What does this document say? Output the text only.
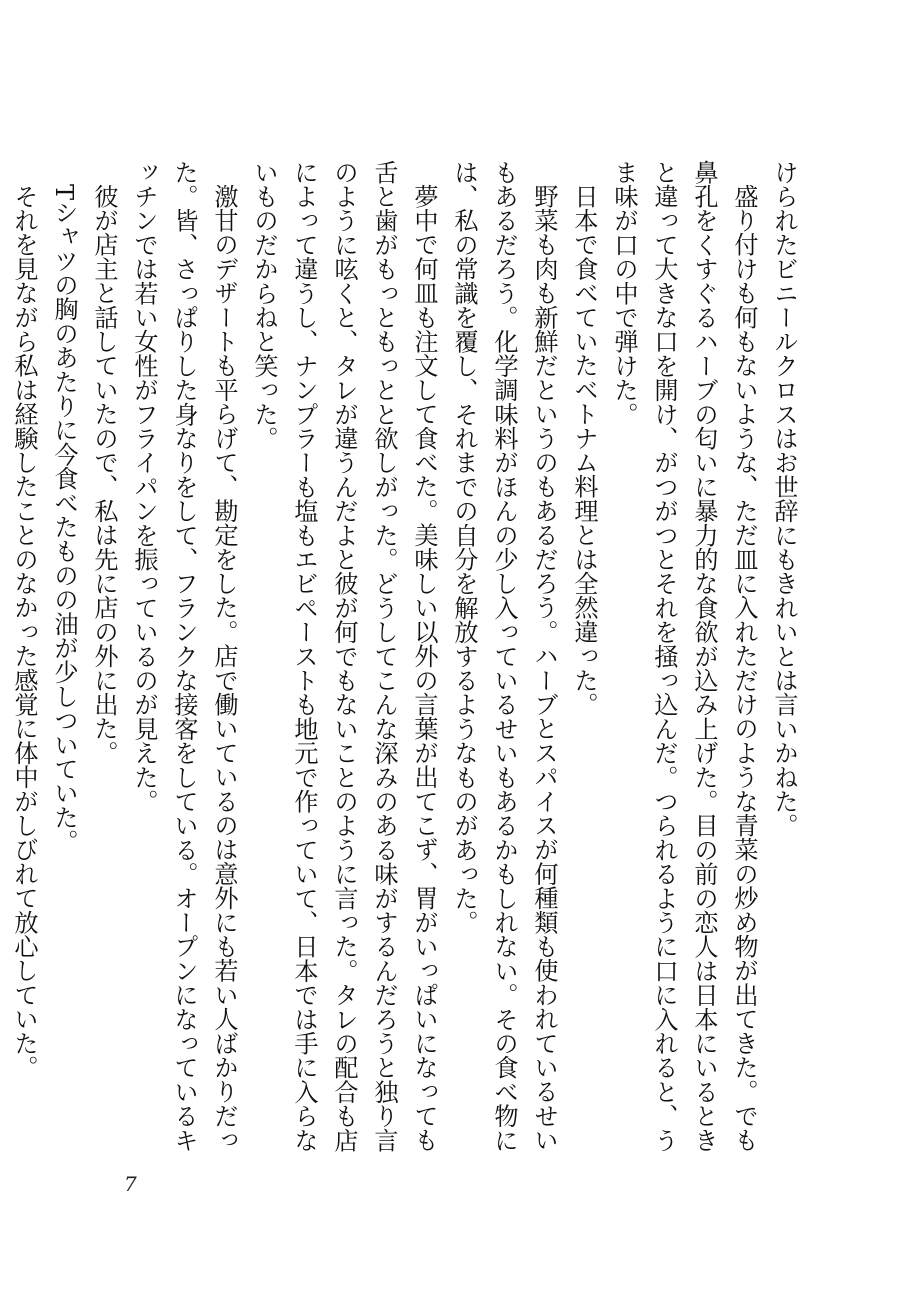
けられたビニールクロスはお世辞にもきれいとは言いかねた。

盛り付けも何もないような、ただ皿に入れただけのような青菜の炒め物が出てきた。でも鼻孔をくすぐるハーブの匂いに暴力的な食欲が込み上げた。目の前の恋人は日本にいるときと違って大きな口を開け、がつがつとそれを掻っ込んだ。つられるように口に入れると、うま味が口の中で弾けた。

日本で食べていたベトナム料理とは全然違った。

野菜も肉も新鮮だというのもあるだろう。ハーブとスパイスが何種類も使われているせいもあるだろう。化学調味料がほんの少し入っているせいもあるかもしれない。その食べ物には、私の常識を覆し、それまでの自分を解放するようなものがあった。

夢中で何皿も注文して食べた。美味しい以外の言葉が出てこず、胃がいっぱいになっても舌と歯がもっともっとと欲しがった。どうしてこんな深みのある味がするんだろうと独り言のように呟くと、タレが違うんだよと彼が何でもないことのように言った。タレの配合も店によって違うし、ナンプラーも塩もエビペーストも地元で作っていて、日本では手に入らないものだからねと笑った。

激甘のデザートも平らげて、勘定をした。店で働いているのは意外にも若い人ばかりだった。皆、さっぱりした身なりをして、フランクな接客をしている。オープンになっているキッチンでは若い女性がフライパンを振っているのが見えた。

彼が店主と話していたので、私は先に店の外に出た。

Tシャツの胸のあたりに今食べたものの油が少しついていた。

それを見ながら私は経験したことのなかった感覚に体中がしびれて放心していた。

7
